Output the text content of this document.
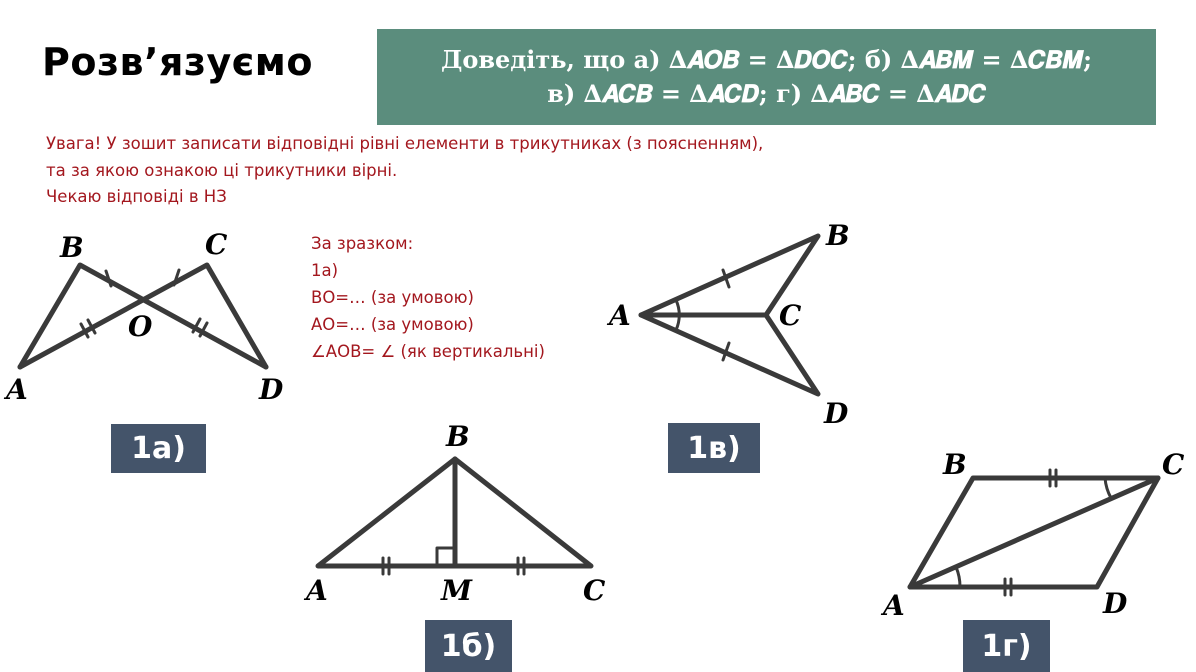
Розв’язуємо	Доведіть, що а) ∆𝑨𝑶𝑩 = ∆𝑫𝑶𝑪; б) ∆𝑨𝑩𝑴 = ∆𝑪𝑩𝑴;
в) ∆𝑨𝑪𝑩 = ∆𝑨𝑪𝑫; г) ∆𝑨𝑩𝑪 = ∆𝑨𝑫𝑪
Увага! У зошит записати відповідні рівні елементи в трикутниках (з поясненням),
та за якою ознакою ці трикутники вірні.
Чекаю відповіді в НЗ
За зразком:
1а)
ВО=… (за умовою)
АО=… (за умовою)
∠АОВ= ∠ (як вертикальні)
1а)	1в)
1б)	1г)
A
B	C
D
O
A
B
C
M
A
B
C
D
A
B	C
D
